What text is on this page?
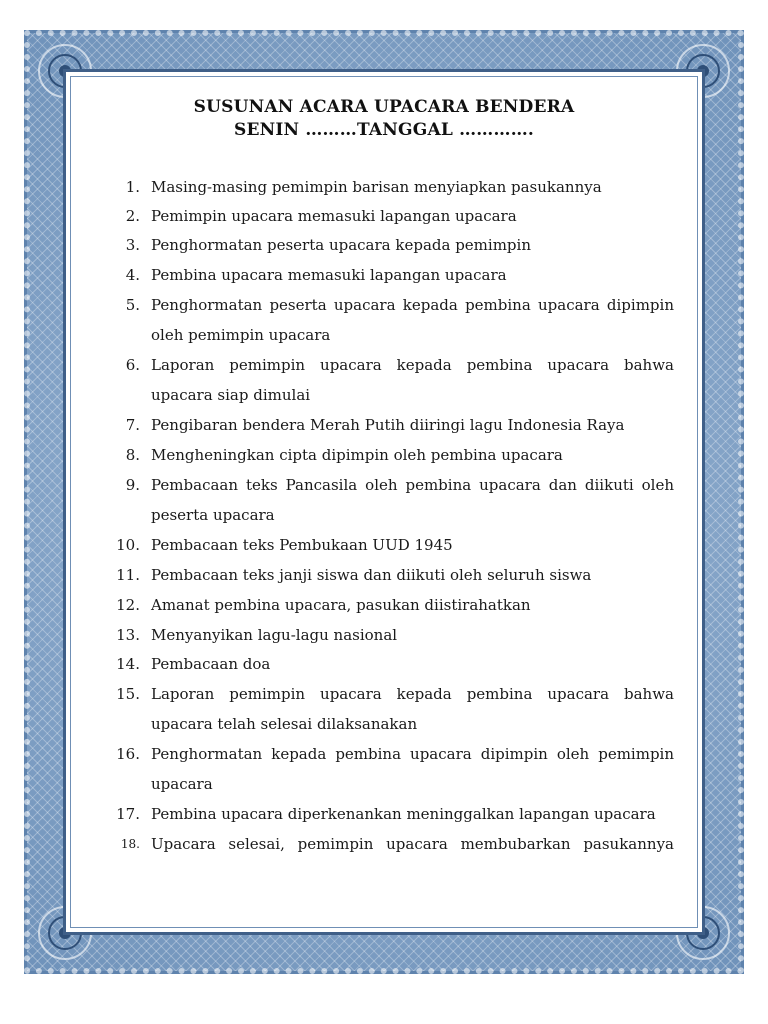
SUSUNAN ACARA UPACARA BENDERA
SENIN ………TANGGAL ………….
1. Masing-masing pemimpin barisan menyiapkan pasukannya
2. Pemimpin upacara memasuki lapangan upacara
3. Penghormatan peserta upacara kepada pemimpin
4. Pembina upacara memasuki lapangan upacara
5. Penghormatan peserta upacara kepada pembina upacara dipimpin
oleh pemimpin upacara
6. Laporan pemimpin upacara kepada pembina upacara bahwa
upacara siap dimulai
7. Pengibaran bendera Merah Putih diiringi lagu Indonesia Raya
8. Mengheningkan cipta dipimpin oleh pembina upacara
9. Pembacaan teks Pancasila oleh pembina upacara dan diikuti oleh
peserta upacara
10. Pembacaan teks Pembukaan UUD 1945
11. Pembacaan teks janji siswa dan diikuti oleh seluruh siswa
12. Amanat pembina upacara, pasukan diistirahatkan
13. Menyanyikan lagu-lagu nasional
14. Pembacaan doa
15. Laporan pemimpin upacara kepada pembina upacara bahwa
upacara telah selesai dilaksanakan
16. Penghormatan kepada pembina upacara dipimpin oleh pemimpin
upacara
17. Pembina upacara diperkenankan meninggalkan lapangan upacara
18. Upacara selesai, pemimpin upacara membubarkan pasukannya
